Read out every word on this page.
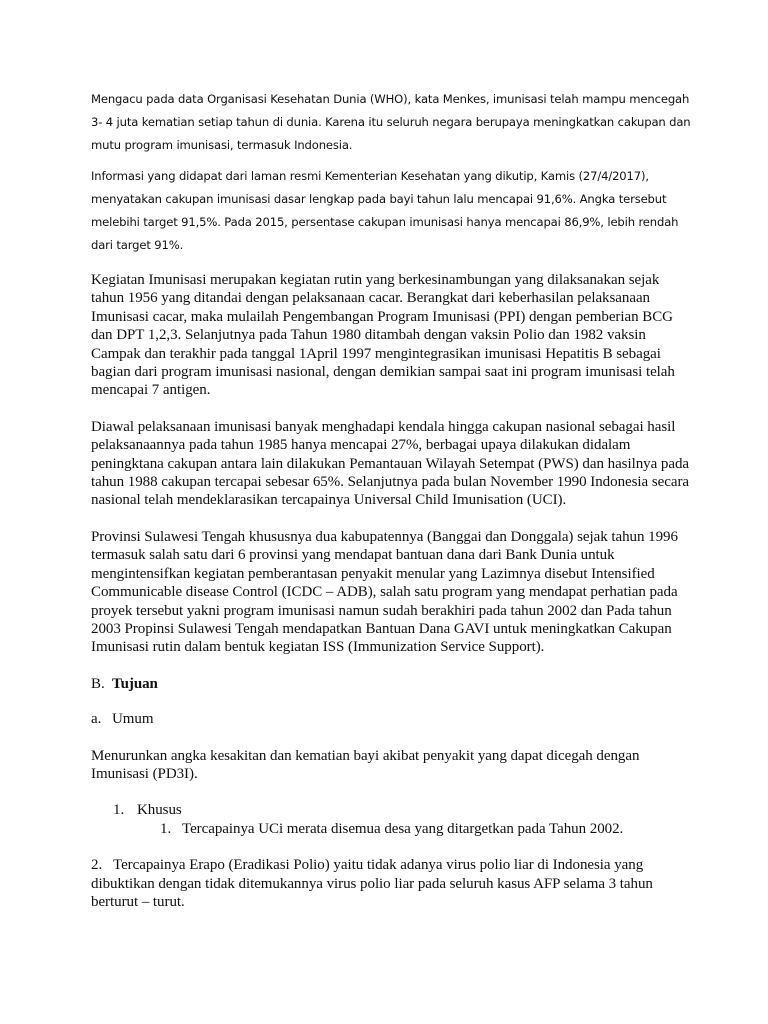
Mengacu pada data Organisasi Kesehatan Dunia (WHO), kata Menkes, imunisasi telah mampu mencegah 3- 4 juta kematian setiap tahun di dunia. Karena itu seluruh negara berupaya meningkatkan cakupan dan mutu program imunisasi, termasuk Indonesia.

Informasi yang didapat dari laman resmi Kementerian Kesehatan yang dikutip, Kamis (27/4/2017), menyatakan cakupan imunisasi dasar lengkap pada bayi tahun lalu mencapai 91,6%. Angka tersebut melebihi target 91,5%. Pada 2015, persentase cakupan imunisasi hanya mencapai 86,9%, lebih rendah dari target 91%.

Kegiatan Imunisasi merupakan kegiatan rutin yang berkesinambungan yang dilaksanakan sejak tahun 1956 yang ditandai dengan pelaksanaan cacar. Berangkat dari keberhasilan pelaksanaan Imunisasi cacar, maka mulailah Pengembangan Program Imunisasi (PPI) dengan pemberian BCG dan DPT 1,2,3. Selanjutnya pada Tahun 1980 ditambah dengan vaksin Polio dan 1982 vaksin Campak dan terakhir pada tanggal 1April 1997 mengintegrasikan imunisasi Hepatitis B sebagai bagian dari program imunisasi nasional, dengan demikian sampai saat ini program imunisasi telah mencapai 7 antigen.

Diawal pelaksanaan imunisasi banyak menghadapi kendala hingga cakupan nasional sebagai hasil pelaksanaannya pada tahun 1985 hanya mencapai 27%, berbagai upaya dilakukan didalam peningktana cakupan antara lain dilakukan Pemantauan Wilayah Setempat (PWS) dan hasilnya pada tahun 1988 cakupan tercapai sebesar 65%. Selanjutnya pada bulan November 1990 Indonesia secara nasional telah mendeklarasikan tercapainya Universal Child Imunisation (UCI).

Provinsi Sulawesi Tengah khususnya dua kabupatennya (Banggai dan Donggala) sejak tahun 1996 termasuk salah satu dari 6 provinsi yang mendapat bantuan dana dari Bank Dunia untuk mengintensifkan kegiatan pemberantasan penyakit menular yang Lazimnya disebut Intensified Communicable disease Control (ICDC – ADB), salah satu program yang mendapat perhatian pada proyek tersebut yakni program imunisasi namun sudah berakhiri pada tahun 2002 dan Pada tahun 2003 Propinsi Sulawesi Tengah mendapatkan Bantuan Dana GAVI untuk meningkatkan Cakupan Imunisasi rutin dalam bentuk kegiatan ISS (Immunization Service Support).

B. Tujuan
a. Umum

Menurunkan angka kesakitan dan kematian bayi akibat penyakit yang dapat dicegah dengan Imunisasi (PD3I).

1. Khusus
1. Tercapainya UCi merata disemua desa yang ditargetkan pada Tahun 2002.

2. Tercapainya Erapo (Eradikasi Polio) yaitu tidak adanya virus polio liar di Indonesia yang dibuktikan dengan tidak ditemukannya virus polio liar pada seluruh kasus AFP selama 3 tahun berturut – turut.
